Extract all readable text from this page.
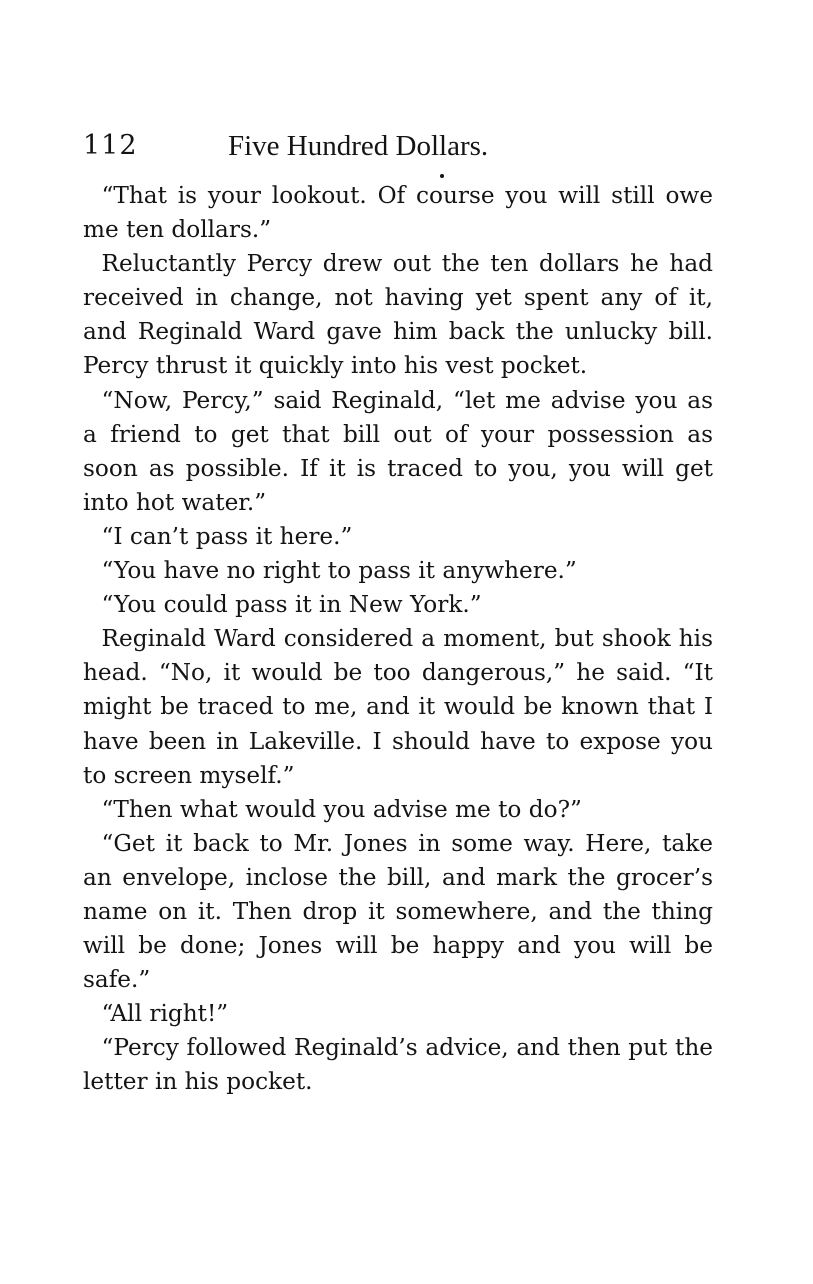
112	Five Hundred Dollars.

“That is your lookout. Of course you will still owe me ten dollars.”

Reluctantly Percy drew out the ten dollars he had received in change, not having yet spent any of it, and Reginald Ward gave him back the unlucky bill. Percy thrust it quickly into his vest pocket.

“Now, Percy,” said Reginald, “let me advise you as a friend to get that bill out of your possession as soon as possible. If it is traced to you, you will get into hot water.”

“I can’t pass it here.”

“You have no right to pass it anywhere.”

“You could pass it in New York.”

Reginald Ward considered a moment, but shook his head. “No, it would be too dangerous,” he said. “It might be traced to me, and it would be known that I have been in Lakeville. I should have to expose you to screen myself.”

“Then what would you advise me to do?”

“Get it back to Mr. Jones in some way. Here, take an envelope, inclose the bill, and mark the grocer’s name on it. Then drop it somewhere, and the thing will be done; Jones will be happy and you will be safe.”

“All right!”

“Percy followed Reginald’s advice, and then put the letter in his pocket.
